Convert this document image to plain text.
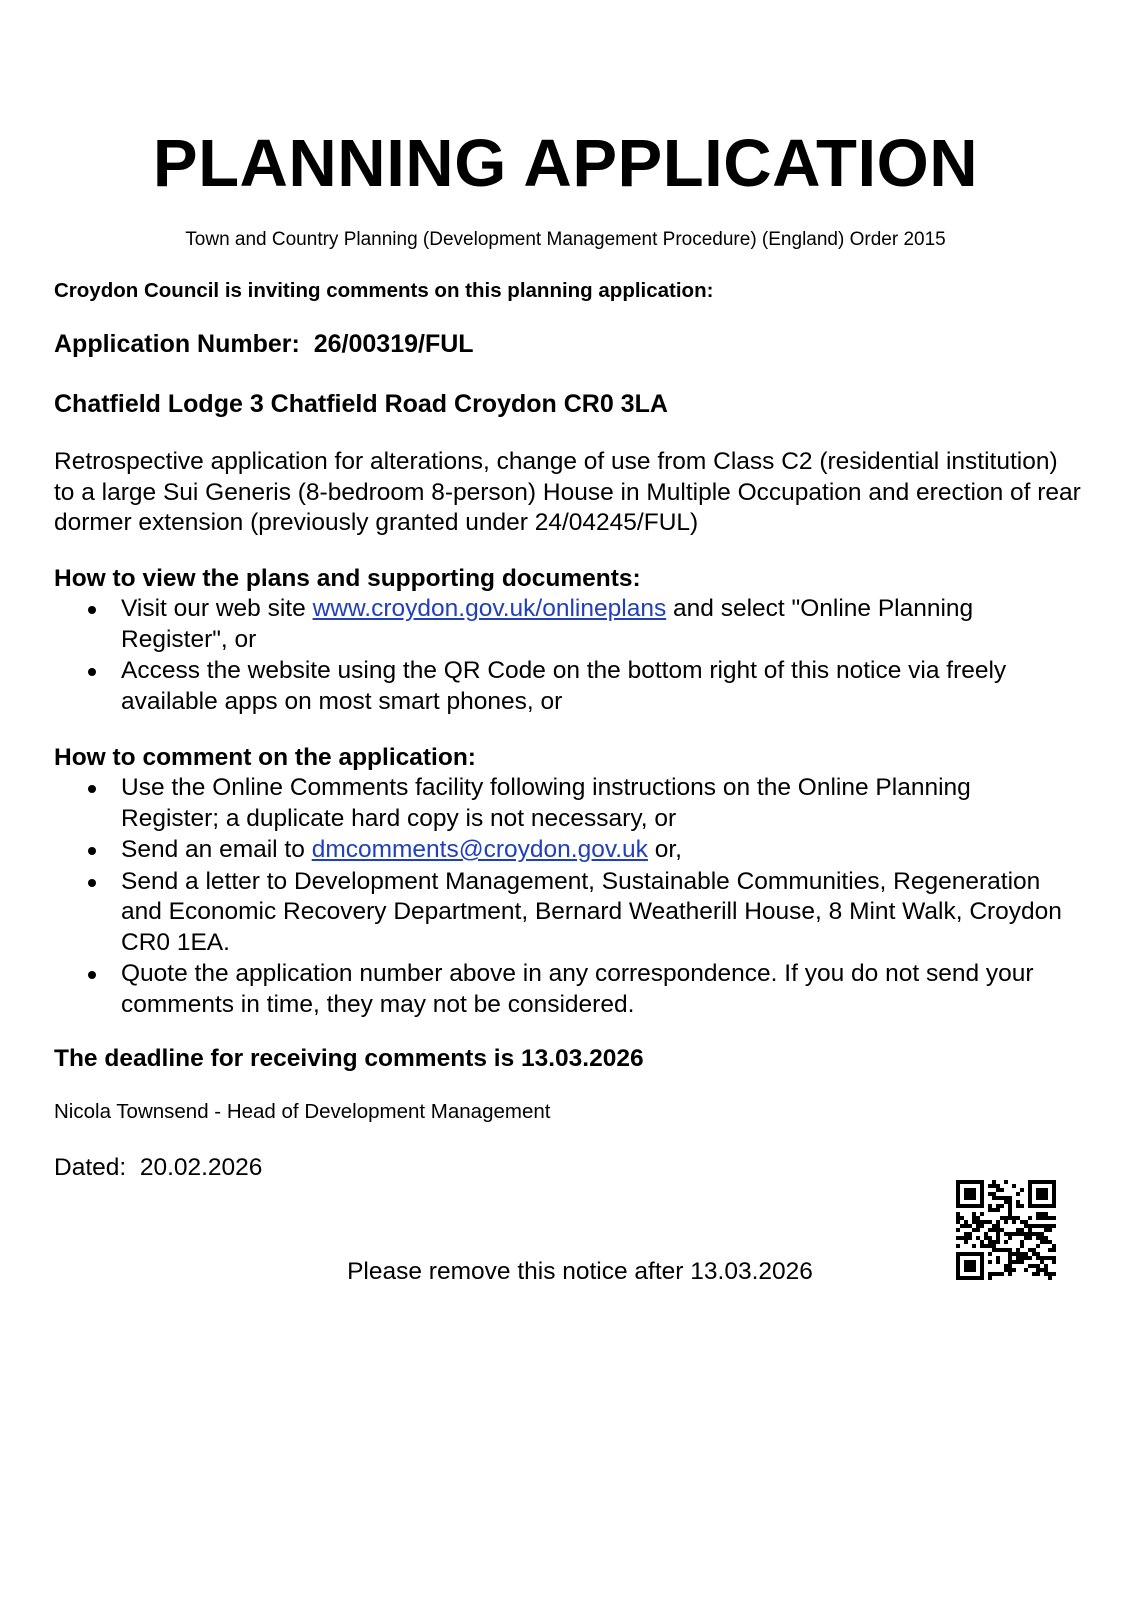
PLANNING APPLICATION
Town and Country Planning (Development Management Procedure) (England) Order 2015
Croydon Council is inviting comments on this planning application:
Application Number: 26/00319/FUL
Chatfield Lodge 3 Chatfield Road Croydon CR0 3LA
Retrospective application for alterations, change of use from Class C2 (residential institution) to a large Sui Generis (8-bedroom 8-person) House in Multiple Occupation and erection of rear dormer extension (previously granted under 24/04245/FUL)
How to view the plans and supporting documents:
Visit our web site www.croydon.gov.uk/onlineplans and select "Online Planning Register", or
Access the website using the QR Code on the bottom right of this notice via freely available apps on most smart phones, or
How to comment on the application:
Use the Online Comments facility following instructions on the Online Planning Register; a duplicate hard copy is not necessary, or
Send an email to dmcomments@croydon.gov.uk or,
Send a letter to Development Management, Sustainable Communities, Regeneration and Economic Recovery Department, Bernard Weatherill House, 8 Mint Walk, Croydon CR0 1EA.
Quote the application number above in any correspondence. If you do not send your comments in time, they may not be considered.
The deadline for receiving comments is 13.03.2026
Nicola Townsend - Head of Development Management
Dated: 20.02.2026
Please remove this notice after 13.03.2026
